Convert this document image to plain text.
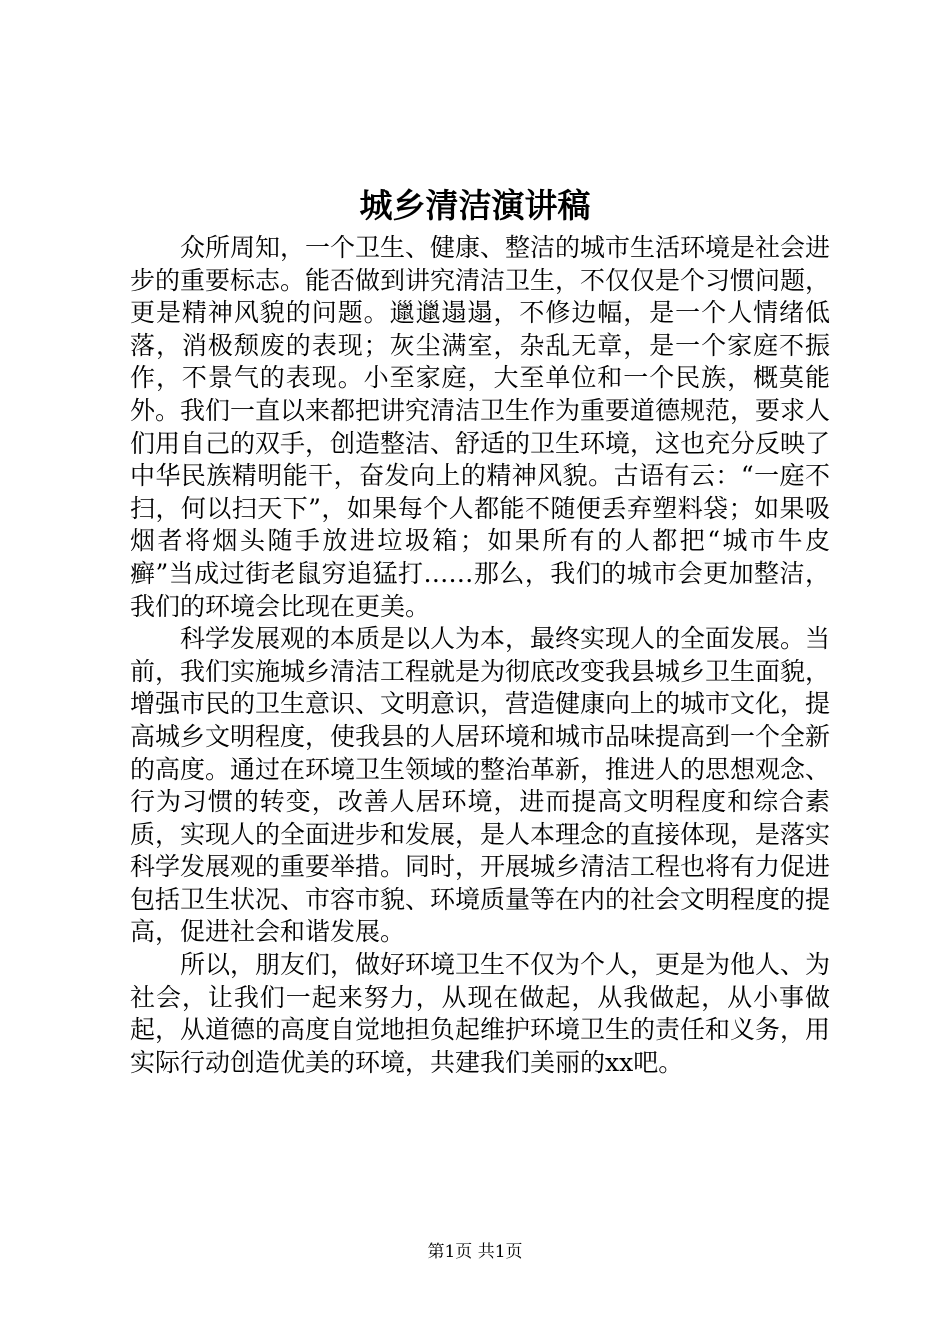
城乡清洁演讲稿

众所周知，一个卫生、健康、整洁的城市生活环境是社会进步的重要标志。能否做到讲究清洁卫生，不仅仅是个习惯问题，更是精神风貌的问题。邋邋遢遢，不修边幅，是一个人情绪低落，消极颓废的表现；灰尘满室，杂乱无章，是一个家庭不振作，不景气的表现。小至家庭，大至单位和一个民族，概莫能外。我们一直以来都把讲究清洁卫生作为重要道德规范，要求人们用自己的双手，创造整洁、舒适的卫生环境，这也充分反映了中华民族精明能干，奋发向上的精神风貌。古语有云：“一庭不扫，何以扫天下”，如果每个人都能不随便丢弃塑料袋；如果吸烟者将烟头随手放进垃圾箱；如果所有的人都把“城市牛皮癣”当成过街老鼠穷追猛打……那么，我们的城市会更加整洁，我们的环境会比现在更美。

科学发展观的本质是以人为本，最终实现人的全面发展。当前，我们实施城乡清洁工程就是为彻底改变我县城乡卫生面貌，增强市民的卫生意识、文明意识，营造健康向上的城市文化，提高城乡文明程度，使我县的人居环境和城市品味提高到一个全新的高度。通过在环境卫生领域的整治革新，推进人的思想观念、行为习惯的转变，改善人居环境，进而提高文明程度和综合素质，实现人的全面进步和发展，是人本理念的直接体现，是落实科学发展观的重要举措。同时，开展城乡清洁工程也将有力促进包括卫生状况、市容市貌、环境质量等在内的社会文明程度的提高，促进社会和谐发展。

所以，朋友们，做好环境卫生不仅为个人，更是为他人、为社会，让我们一起来努力，从现在做起，从我做起，从小事做起，从道德的高度自觉地担负起维护环境卫生的责任和义务，用实际行动创造优美的环境，共建我们美丽的xx吧。

第1页 共1页
